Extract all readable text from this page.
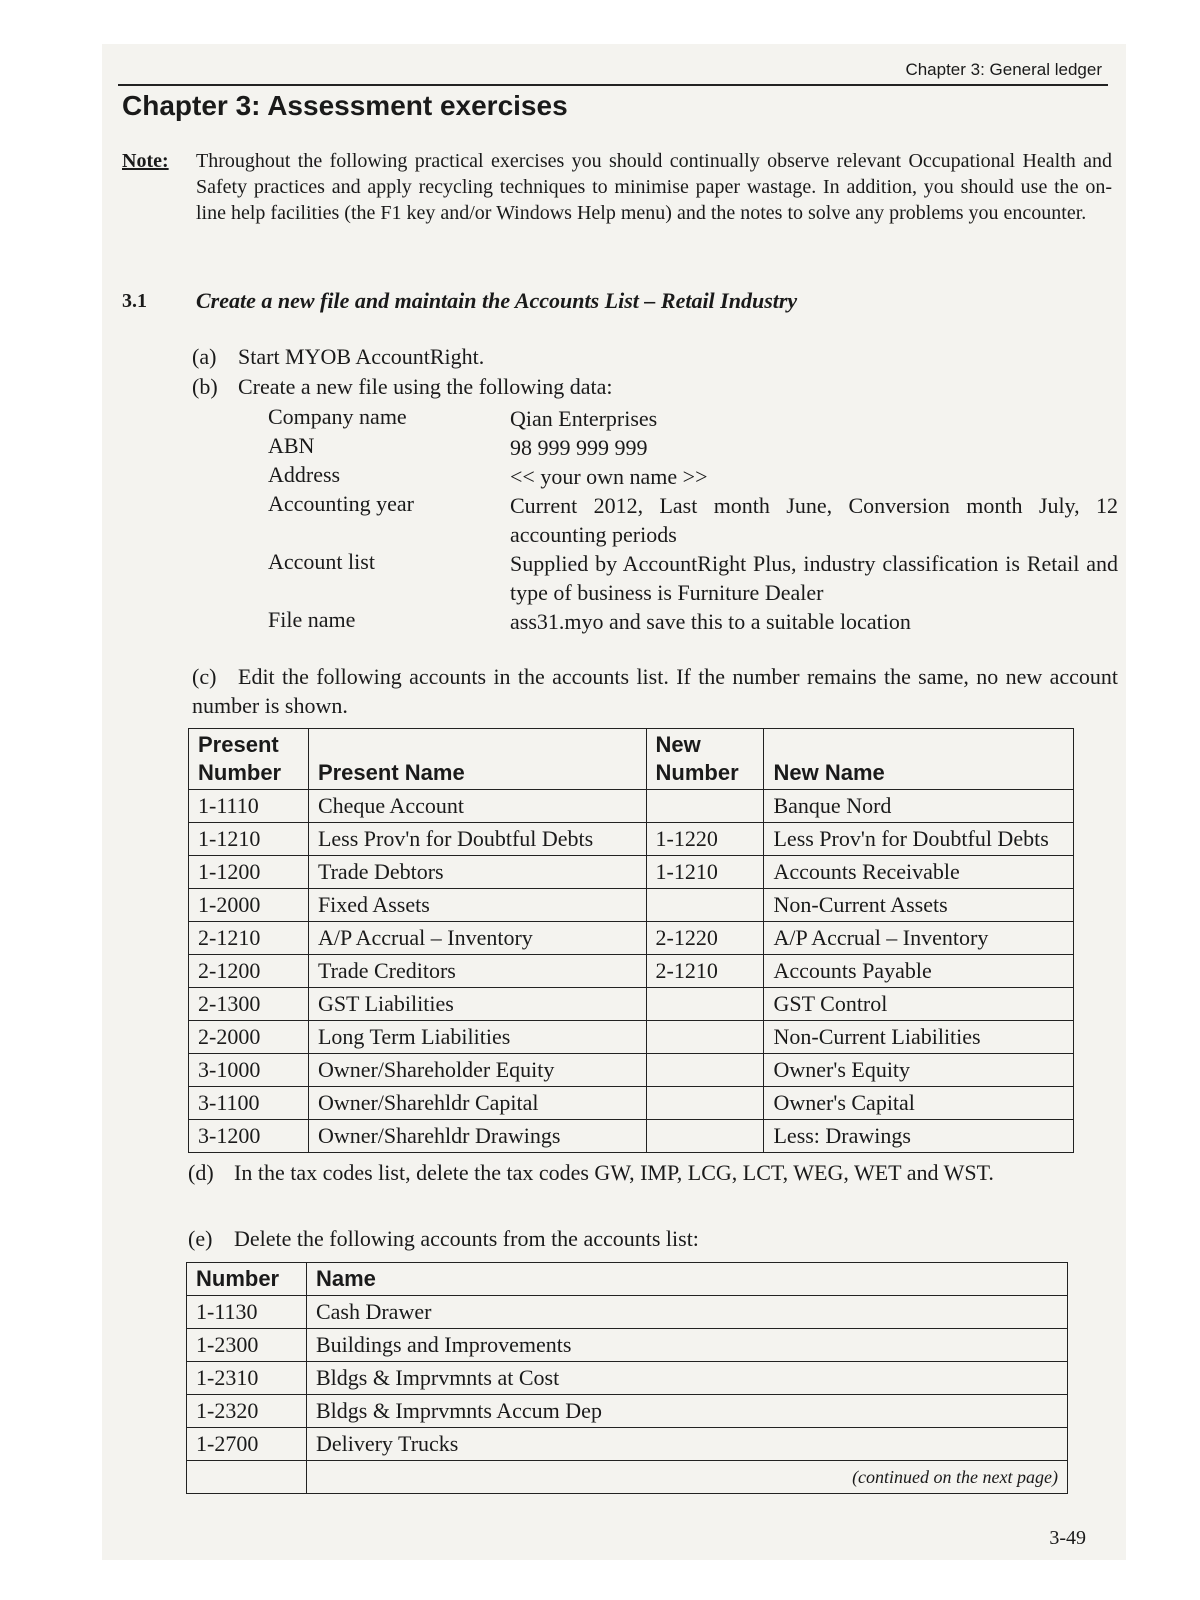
Chapter 3: General ledger
Chapter 3: Assessment exercises
Note: Throughout the following practical exercises you should continually observe relevant Occupational Health and Safety practices and apply recycling techniques to minimise paper wastage. In addition, you should use the on-line help facilities (the F1 key and/or Windows Help menu) and the notes to solve any problems you encounter.
3.1 Create a new file and maintain the Accounts List – Retail Industry
(a) Start MYOB AccountRight.
(b) Create a new file using the following data:
Company name	Qian Enterprises
ABN	98 999 999 999
Address	<< your own name >>
Accounting year	Current 2012, Last month June, Conversion month July, 12 accounting periods
Account list	Supplied by AccountRight Plus, industry classification is Retail and type of business is Furniture Dealer
File name	ass31.myo and save this to a suitable location
(c) Edit the following accounts in the accounts list. If the number remains the same, no new account number is shown.
Present Number	Present Name	New Number	New Name
1-1110	Cheque Account		Banque Nord
1-1210	Less Prov'n for Doubtful Debts	1-1220	Less Prov'n for Doubtful Debts
1-1200	Trade Debtors	1-1210	Accounts Receivable
1-2000	Fixed Assets		Non-Current Assets
2-1210	A/P Accrual – Inventory	2-1220	A/P Accrual – Inventory
2-1200	Trade Creditors	2-1210	Accounts Payable
2-1300	GST Liabilities		GST Control
2-2000	Long Term Liabilities		Non-Current Liabilities
3-1000	Owner/Shareholder Equity		Owner's Equity
3-1100	Owner/Sharehldr Capital		Owner's Capital
3-1200	Owner/Sharehldr Drawings		Less: Drawings
(d) In the tax codes list, delete the tax codes GW, IMP, LCG, LCT, WEG, WET and WST.
(e) Delete the following accounts from the accounts list:
Number	Name
1-1130	Cash Drawer
1-2300	Buildings and Improvements
1-2310	Bldgs & Imprvmnts at Cost
1-2320	Bldgs & Imprvmnts Accum Dep
1-2700	Delivery Trucks
	(continued on the next page)
3-49
